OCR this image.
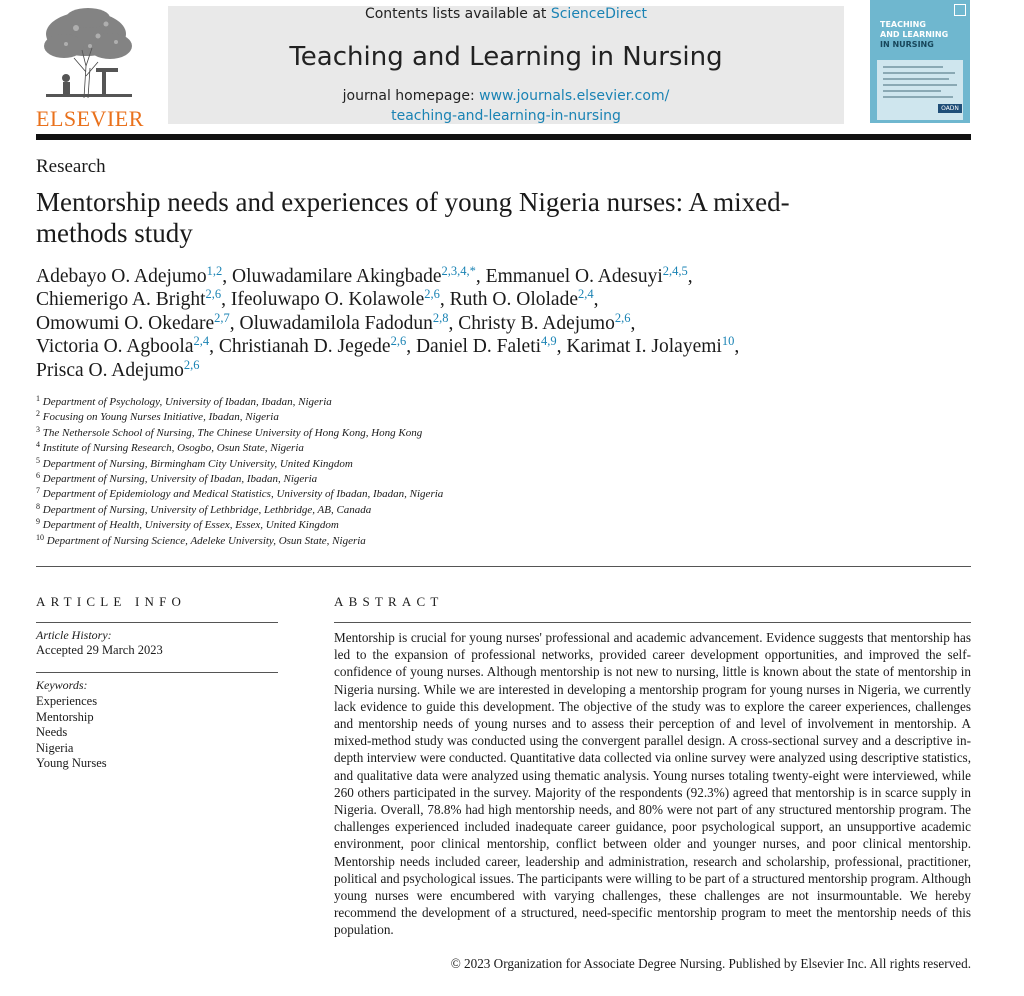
ELSEVIER
Contents lists available at ScienceDirect
Teaching and Learning in Nursing
journal homepage: www.journals.elsevier.com/
teaching-and-learning-in-nursing
TEACHING
AND LEARNING
IN NURSING
OADN
Research
Mentorship needs and experiences of young Nigeria nurses: A mixed-methods study
Adebayo O. Adejumo$^{1,2}$, Oluwadamilare Akingbade$^{2,3,4,*}$, Emmanuel O. Adesuyi$^{2,4,5}$,
Chiemerigo A. Bright$^{2,6}$, Ifeoluwapo O. Kolawole$^{2,6}$, Ruth O. Ololade$^{2,4}$,
Omowumi O. Okedare$^{2,7}$, Oluwadamilola Fadodun$^{2,8}$, Christy B. Adejumo$^{2,6}$,
Victoria O. Agboola$^{2,4}$, Christianah D. Jegede$^{2,6}$, Daniel D. Faleti$^{4,9}$, Karimat I. Jolayemi$^{10}$,
Prisca O. Adejumo$^{2,6}$
$^1$ Department of Psychology, University of Ibadan, Ibadan, Nigeria
$^2$ Focusing on Young Nurses Initiative, Ibadan, Nigeria
$^3$ The Nethersole School of Nursing, The Chinese University of Hong Kong, Hong Kong
$^4$ Institute of Nursing Research, Osogbo, Osun State, Nigeria
$^5$ Department of Nursing, Birmingham City University, United Kingdom
$^6$ Department of Nursing, University of Ibadan, Ibadan, Nigeria
$^7$ Department of Epidemiology and Medical Statistics, University of Ibadan, Ibadan, Nigeria
$^8$ Department of Nursing, University of Lethbridge, Lethbridge, AB, Canada
$^9$ Department of Health, University of Essex, Essex, United Kingdom
$^{10}$ Department of Nursing Science, Adeleke University, Osun State, Nigeria
ARTICLE INFO
Article History:
Accepted 29 March 2023
Keywords:
Experiences
Mentorship
Needs
Nigeria
Young Nurses
ABSTRACT
Mentorship is crucial for young nurses' professional and academic advancement. Evidence suggests that mentorship has led to the expansion of professional networks, provided career development opportunities, and improved the self-confidence of young nurses. Although mentorship is not new to nursing, little is known about the state of mentorship in Nigeria nursing. While we are interested in developing a mentorship program for young nurses in Nigeria, we currently lack evidence to guide this development. The objective of the study was to explore the career experiences, challenges and mentorship needs of young nurses and to assess their perception of and level of involvement in mentorship. A mixed-method study was conducted using the convergent parallel design. A cross-sectional survey and a descriptive in-depth interview were conducted. Quantitative data collected via online survey were analyzed using descriptive statistics, and qualitative data were analyzed using thematic analysis. Young nurses totaling twenty-eight were interviewed, while 260 others participated in the survey. Majority of the respondents (92.3%) agreed that mentorship is in scarce supply in Nigeria. Overall, 78.8% had high mentorship needs, and 80% were not part of any structured mentorship program. The challenges experienced included inadequate career guidance, poor psychological support, an unsupportive academic environment, poor clinical mentorship, conflict between older and younger nurses, and poor clinical mentorship. Mentorship needs included career, leadership and administration, research and scholarship, professional, practitioner, political and psychological issues. The participants were willing to be part of a structured mentorship program. Although young nurses were encumbered with varying challenges, these challenges are not insurmountable. We hereby recommend the development of a structured, need-specific mentorship program to meet the mentorship needs of this population.
© 2023 Organization for Associate Degree Nursing. Published by Elsevier Inc. All rights reserved.
